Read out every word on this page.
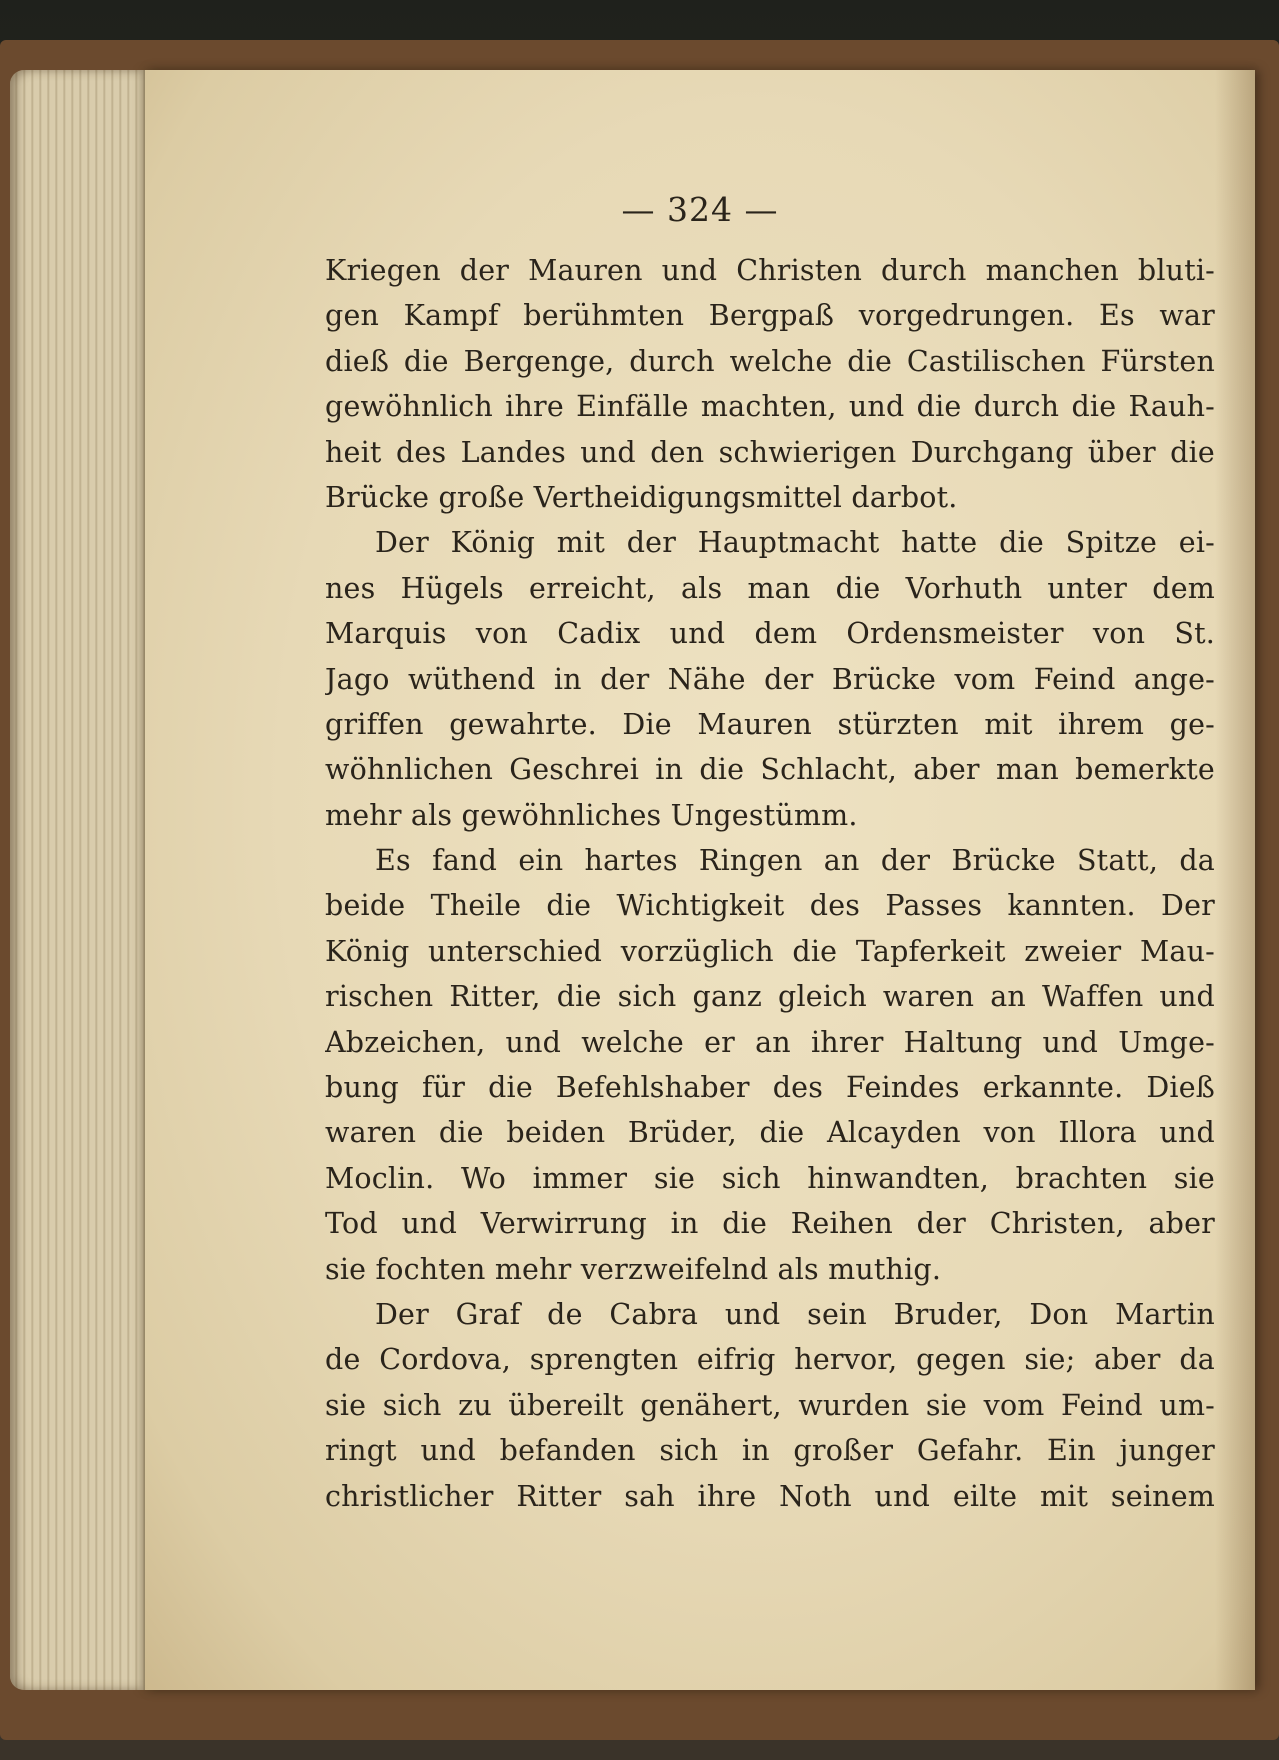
— 324 —
Kriegen der Mauren und Christen durch manchen bluti-
gen Kampf berühmten Bergpaß vorgedrungen. Es war
dieß die Bergenge, durch welche die Castilischen Fürsten
gewöhnlich ihre Einfälle machten, und die durch die Rauh-
heit des Landes und den schwierigen Durchgang über die
Brücke große Vertheidigungsmittel darbot.
Der König mit der Hauptmacht hatte die Spitze ei-
nes Hügels erreicht, als man die Vorhuth unter dem
Marquis von Cadix und dem Ordensmeister von St.
Jago wüthend in der Nähe der Brücke vom Feind ange-
griffen gewahrte. Die Mauren stürzten mit ihrem ge-
wöhnlichen Geschrei in die Schlacht, aber man bemerkte
mehr als gewöhnliches Ungestümm.
Es fand ein hartes Ringen an der Brücke Statt, da
beide Theile die Wichtigkeit des Passes kannten. Der
König unterschied vorzüglich die Tapferkeit zweier Mau-
rischen Ritter, die sich ganz gleich waren an Waffen und
Abzeichen, und welche er an ihrer Haltung und Umge-
bung für die Befehlshaber des Feindes erkannte. Dieß
waren die beiden Brüder, die Alcayden von Illora und
Moclin. Wo immer sie sich hinwandten, brachten sie
Tod und Verwirrung in die Reihen der Christen, aber
sie fochten mehr verzweifelnd als muthig.
Der Graf de Cabra und sein Bruder, Don Martin
de Cordova, sprengten eifrig hervor, gegen sie; aber da
sie sich zu übereilt genähert, wurden sie vom Feind um-
ringt und befanden sich in großer Gefahr. Ein junger
christlicher Ritter sah ihre Noth und eilte mit seinem
